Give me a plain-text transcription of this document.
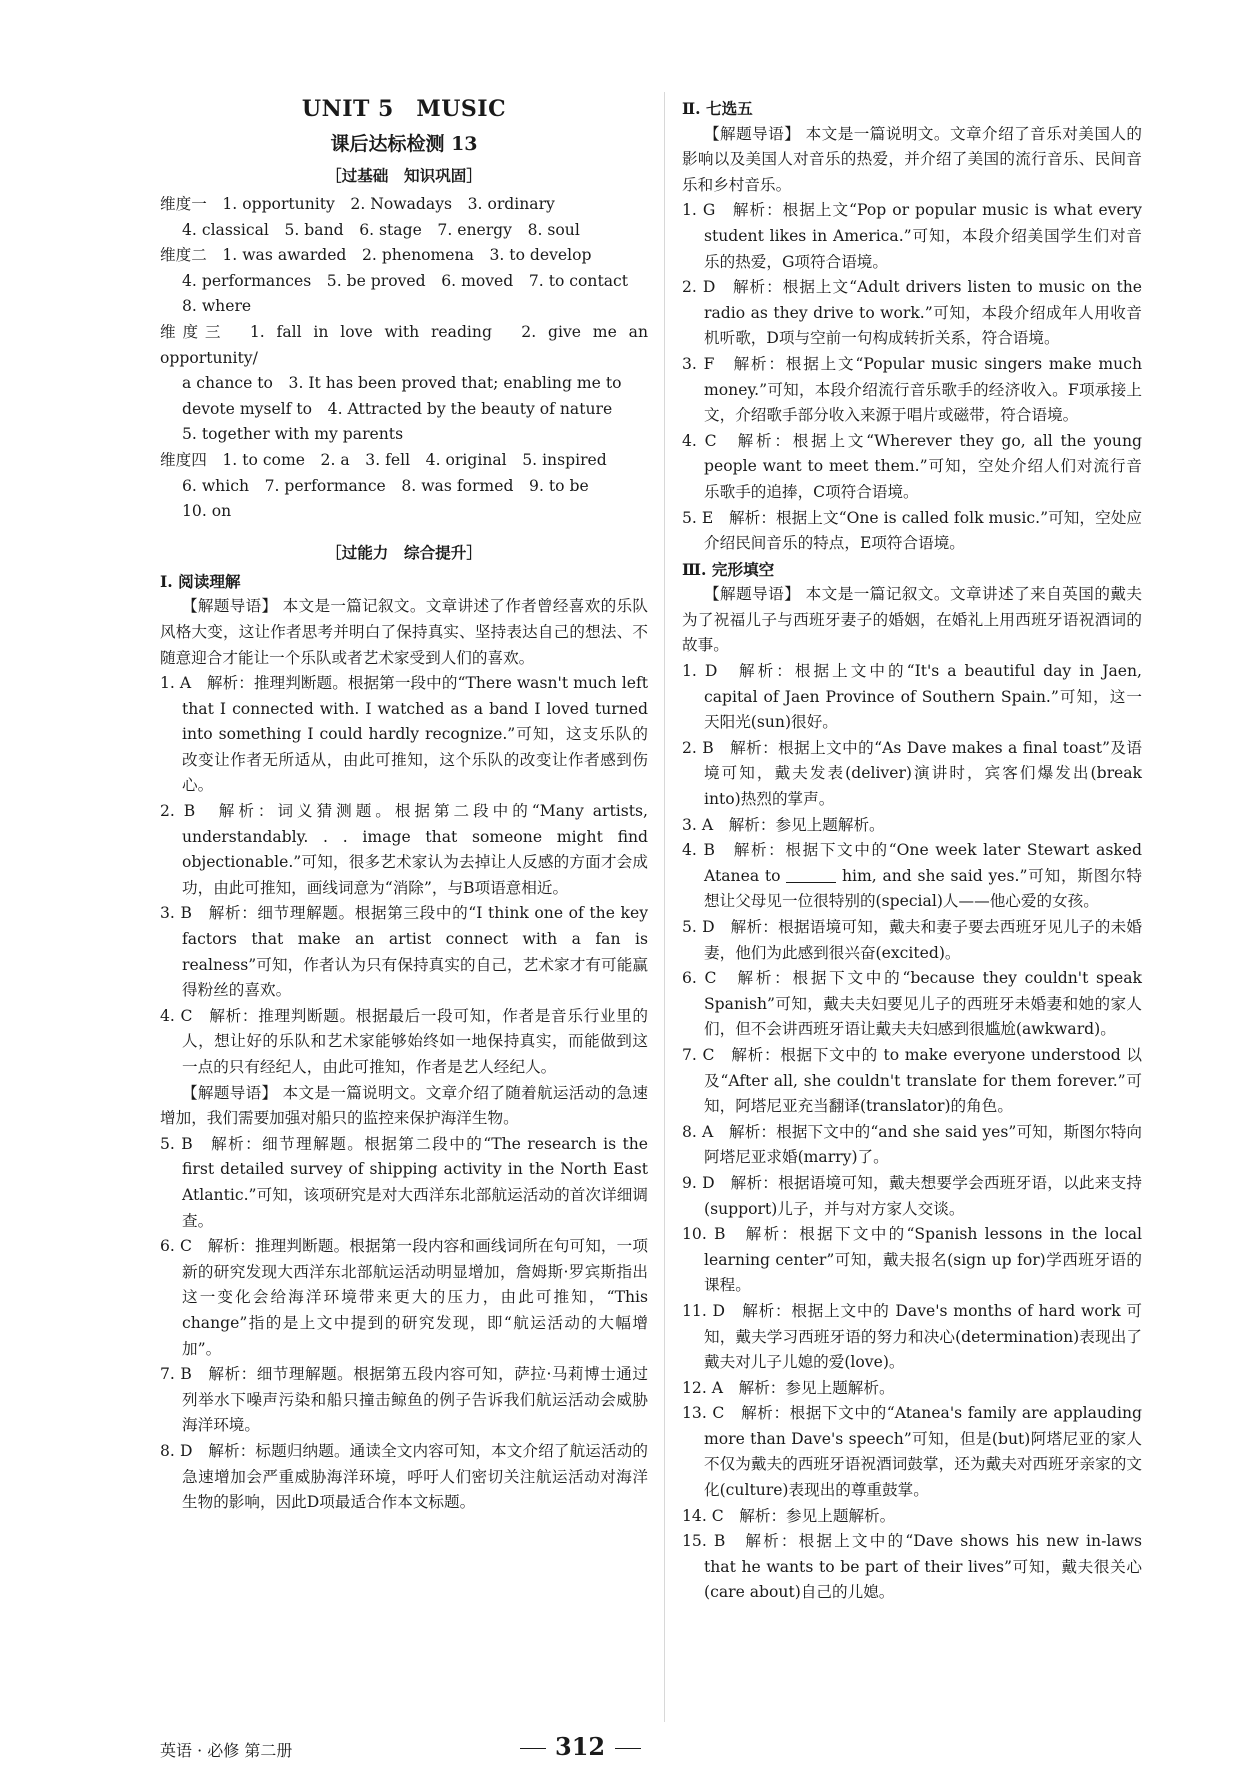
UNIT 5　MUSIC

课后达标检测 13

［过基础　知识巩固］

维度一　1. opportunity　2. Nowadays　3. ordinary

4. classical　5. band　6. stage　7. energy　8. soul

维度二　1. was awarded　2. phenomena　3. to develop

4. performances　5. be proved　6. moved　7. to contact

8. where

维度三　1. fall in love with reading　2. give me an opportunity/

a chance to　3. It has been proved that; enabling me to

devote myself to　4. Attracted by the beauty of nature

5. together with my parents

维度四　1. to come　2. a　3. fell　4. original　5. inspired

6. which　7. performance　8. was formed　9. to be

10. on

［过能力　综合提升］

Ⅰ. 阅读理解

【解题导语】 本文是一篇记叙文。文章讲述了作者曾经喜欢的乐队风格大变，这让作者思考并明白了保持真实、坚持表达自己的想法、不随意迎合才能让一个乐队或者艺术家受到人们的喜欢。

1. A　解析：推理判断题。根据第一段中的“There wasn't much left that I connected with. I watched as a band I loved turned into something I could hardly recognize.”可知，这支乐队的改变让作者无所适从，由此可推知，这个乐队的改变让作者感到伤心。

2. B　解析：词义猜测题。根据第二段中的“Many artists, understandably. . . image that someone might find objectionable.”可知，很多艺术家认为去掉让人反感的方面才会成功，由此可推知，画线词意为“消除”，与B项语意相近。

3. B　解析：细节理解题。根据第三段中的“I think one of the key factors that make an artist connect with a fan is realness”可知，作者认为只有保持真实的自己，艺术家才有可能赢得粉丝的喜欢。

4. C　解析：推理判断题。根据最后一段可知，作者是音乐行业里的人，想让好的乐队和艺术家能够始终如一地保持真实，而能做到这一点的只有经纪人，由此可推知，作者是艺人经纪人。

【解题导语】 本文是一篇说明文。文章介绍了随着航运活动的急速增加，我们需要加强对船只的监控来保护海洋生物。

5. B　解析：细节理解题。根据第二段中的“The research is the first detailed survey of shipping activity in the North East Atlantic.”可知，该项研究是对大西洋东北部航运活动的首次详细调查。

6. C　解析：推理判断题。根据第一段内容和画线词所在句可知，一项新的研究发现大西洋东北部航运活动明显增加，詹姆斯·罗宾斯指出这一变化会给海洋环境带来更大的压力，由此可推知，“This change”指的是上文中提到的研究发现，即“航运活动的大幅增加”。

7. B　解析：细节理解题。根据第五段内容可知，萨拉·马莉博士通过列举水下噪声污染和船只撞击鲸鱼的例子告诉我们航运活动会威胁海洋环境。

8. D　解析：标题归纳题。通读全文内容可知，本文介绍了航运活动的急速增加会严重威胁海洋环境，呼吁人们密切关注航运活动对海洋生物的影响，因此D项最适合作本文标题。

Ⅱ. 七选五

【解题导语】 本文是一篇说明文。文章介绍了音乐对美国人的影响以及美国人对音乐的热爱，并介绍了美国的流行音乐、民间音乐和乡村音乐。

1. G　解析：根据上文“Pop or popular music is what every student likes in America.”可知，本段介绍美国学生们对音乐的热爱，G项符合语境。

2. D　解析：根据上文“Adult drivers listen to music on the radio as they drive to work.”可知，本段介绍成年人用收音机听歌，D项与空前一句构成转折关系，符合语境。

3. F　解析：根据上文“Popular music singers make much money.”可知，本段介绍流行音乐歌手的经济收入。F项承接上文，介绍歌手部分收入来源于唱片或磁带，符合语境。

4. C　解析：根据上文“Wherever they go, all the young people want to meet them.”可知，空处介绍人们对流行音乐歌手的追捧，C项符合语境。

5. E　解析：根据上文“One is called folk music.”可知，空处应介绍民间音乐的特点，E项符合语境。

Ⅲ. 完形填空

【解题导语】 本文是一篇记叙文。文章讲述了来自英国的戴夫为了祝福儿子与西班牙妻子的婚姻，在婚礼上用西班牙语祝酒词的故事。

1. D　解析：根据上文中的“It's a beautiful day in Jaen, capital of Jaen Province of Southern Spain.”可知，这一天阳光(sun)很好。

2. B　解析：根据上文中的“As Dave makes a final toast”及语境可知，戴夫发表(deliver)演讲时，宾客们爆发出(break into)热烈的掌声。

3. A　解析：参见上题解析。

4. B　解析：根据下文中的“One week later Stewart asked Atanea to	him, and she said yes.”可知，斯图尔特想让父母见一位很特别的(special)人——他心爱的女孩。

5. D　解析：根据语境可知，戴夫和妻子要去西班牙见儿子的未婚妻，他们为此感到很兴奋(excited)。

6. C　解析：根据下文中的“because they couldn't speak Spanish”可知，戴夫夫妇要见儿子的西班牙未婚妻和她的家人们，但不会讲西班牙语让戴夫夫妇感到很尴尬(awkward)。

7. C　解析：根据下文中的 to make everyone understood 以及“After all, she couldn't translate for them forever.”可知，阿塔尼亚充当翻译(translator)的角色。

8. A　解析：根据下文中的“and she said yes”可知，斯图尔特向阿塔尼亚求婚(marry)了。

9. D　解析：根据语境可知，戴夫想要学会西班牙语，以此来支持(support)儿子，并与对方家人交谈。

10. B　解析：根据下文中的“Spanish lessons in the local learning center”可知，戴夫报名(sign up for)学西班牙语的课程。

11. D　解析：根据上文中的 Dave's months of hard work 可知，戴夫学习西班牙语的努力和决心(determination)表现出了戴夫对儿子儿媳的爱(love)。

12. A　解析：参见上题解析。

13. C　解析：根据下文中的“Atanea's family are applauding more than Dave's speech”可知，但是(but)阿塔尼亚的家人不仅为戴夫的西班牙语祝酒词鼓掌，还为戴夫对西班牙亲家的文化(culture)表现出的尊重鼓掌。

14. C　解析：参见上题解析。

15. B　解析：根据上文中的“Dave shows his new in-laws that he wants to be part of their lives”可知，戴夫很关心(care about)自己的儿媳。

英语 · 必修 第二册	312
